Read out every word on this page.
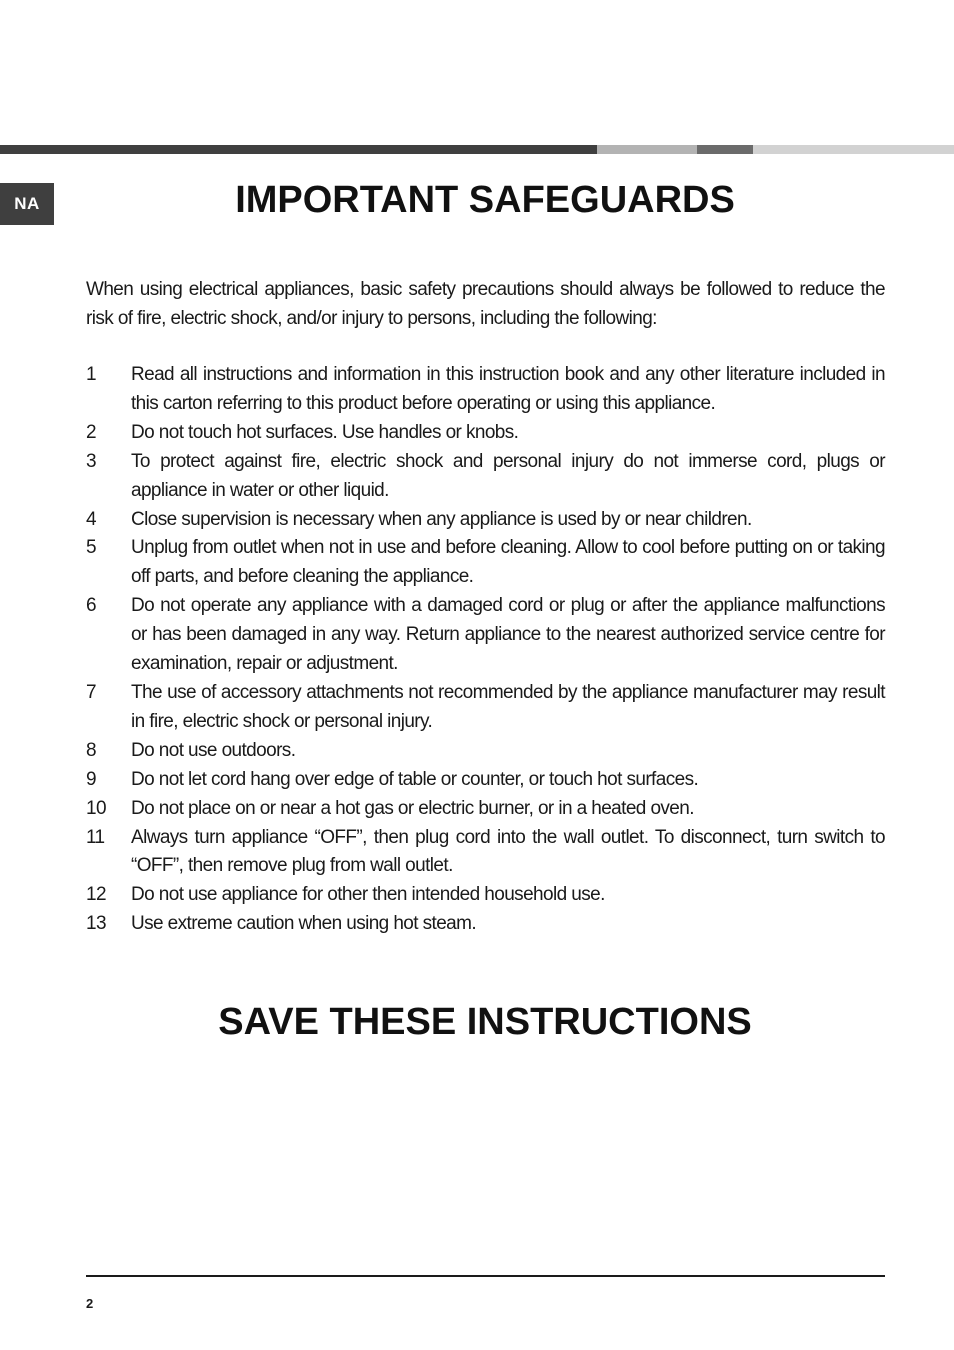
NA	IMPORTANT SAFEGUARDS

When using electrical appliances, basic safety precautions should always be followed to reduce the risk of fire, electric shock, and/or injury to persons, including the following:

1	Read all instructions and information in this instruction book and any other literature included in this carton referring to this product before operating or using this appliance.
2	Do not touch hot surfaces. Use handles or knobs.
3	To protect against fire, electric shock and personal injury do not immerse cord, plugs or appliance in water or other liquid.
4	Close supervision is necessary when any appliance is used by or near children.
5	Unplug from outlet when not in use and before cleaning. Allow to cool before putting on or taking off parts, and before cleaning the appliance.
6	Do not operate any appliance with a damaged cord or plug or after the appliance malfunctions or has been damaged in any way. Return appliance to the nearest authorized service centre for examination, repair or adjustment.
7	The use of accessory attachments not recommended by the appliance manufacturer may result in fire, electric shock or personal injury.
8	Do not use outdoors.
9	Do not let cord hang over edge of table or counter, or touch hot surfaces.
10	Do not place on or near a hot gas or electric burner, or in a heated oven.
11	Always turn appliance “OFF”, then plug cord into the wall outlet. To disconnect, turn switch to “OFF”, then remove plug from wall outlet.
12	Do not use appliance for other then intended household use.
13	Use extreme caution when using hot steam.
SAVE THESE INSTRUCTIONS
2
